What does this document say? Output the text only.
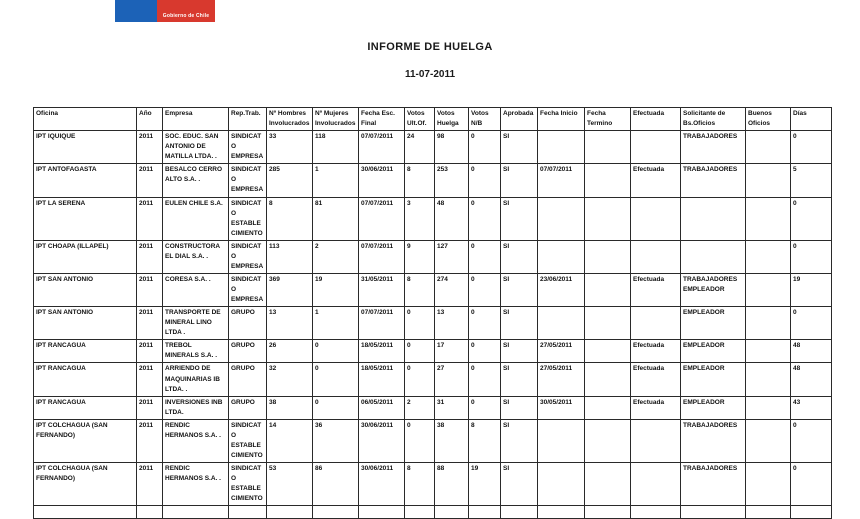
Gobierno de Chile
INFORME DE HUELGA
11-07-2011
Oficina	Año	Empresa	Rep.Trab.	Nº Hombres Involucrados	Nº Mujeres Involucrados	Fecha Esc. Final	Votos Ult.Of.	Votos Huelga	Votos N/B	Aprobada	Fecha Inicio	Fecha Termino	Efectuada	Solicitante de Bs.Oficios	Buenos Oficios	Días
IPT IQUIQUE	2011	SOC. EDUC. SAN ANTONIO DE MATILLA LTDA. .	SINDICATO EMPRESA	33	118	07/07/2011	24	98	0	SI				TRABAJADORES		0
IPT ANTOFAGASTA	2011	BESALCO CERRO ALTO S.A. .	SINDICATO EMPRESA	285	1	30/06/2011	8	253	0	SI	07/07/2011		Efectuada	TRABAJADORES		5
IPT LA SERENA	2011	EULEN CHILE S.A.	SINDICATO ESTABLECIMIENTO	8	81	07/07/2011	3	48	0	SI						0
IPT CHOAPA (ILLAPEL)	2011	CONSTRUCTORA EL DIAL S.A. .	SINDICATO EMPRESA	113	2	07/07/2011	9	127	0	SI						0
IPT SAN ANTONIO	2011	CORESA S.A. .	SINDICATO EMPRESA	369	19	31/05/2011	8	274	0	SI	23/06/2011		Efectuada	TRABAJADORES EMPLEADOR		19
IPT SAN ANTONIO	2011	TRANSPORTE DE MINERAL LINO LTDA .	GRUPO	13	1	07/07/2011	0	13	0	SI				EMPLEADOR		0
IPT RANCAGUA	2011	TREBOL MINERALS S.A. .	GRUPO	26	0	18/05/2011	0	17	0	SI	27/05/2011		Efectuada	EMPLEADOR		48
IPT RANCAGUA	2011	ARRIENDO DE MAQUINARIAS IB LTDA. .	GRUPO	32	0	18/05/2011	0	27	0	SI	27/05/2011		Efectuada	EMPLEADOR		48
IPT RANCAGUA	2011	INVERSIONES INB LTDA.	GRUPO	38	0	06/05/2011	2	31	0	SI	30/05/2011		Efectuada	EMPLEADOR		43
IPT COLCHAGUA (SAN FERNANDO)	2011	RENDIC HERMANOS S.A. .	SINDICATO ESTABLECIMIENTO	14	36	30/06/2011	0	38	8	SI				TRABAJADORES		0
IPT COLCHAGUA (SAN FERNANDO)	2011	RENDIC HERMANOS S.A. .	SINDICATO ESTABLECIMIENTO	53	86	30/06/2011	8	88	19	SI				TRABAJADORES		0
